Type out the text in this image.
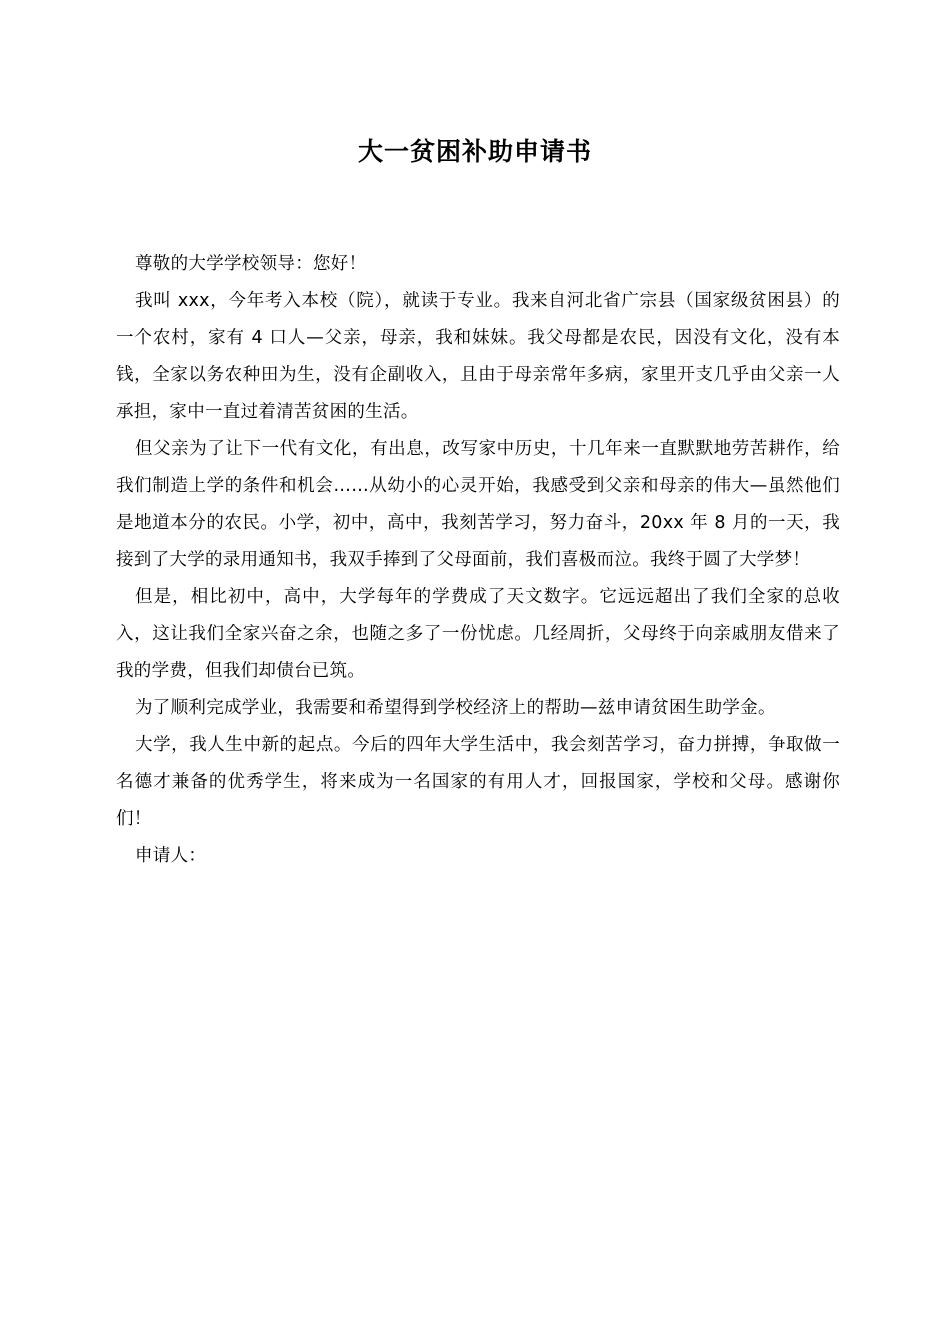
大一贫困补助申请书

尊敬的大学学校领导：您好！

我叫 xxx，今年考入本校（院），就读于专业。我来自河北省广宗县（国家级贫困县）的一个农村，家有 4 口人—父亲，母亲，我和妹妹。我父母都是农民，因没有文化，没有本钱，全家以务农种田为生，没有企副收入，且由于母亲常年多病，家里开支几乎由父亲一人承担，家中一直过着清苦贫困的生活。

但父亲为了让下一代有文化，有出息，改写家中历史，十几年来一直默默地劳苦耕作，给我们制造上学的条件和机会……从幼小的心灵开始，我感受到父亲和母亲的伟大—虽然他们是地道本分的农民。小学，初中，高中，我刻苦学习，努力奋斗，20xx 年 8 月的一天，我接到了大学的录用通知书，我双手捧到了父母面前，我们喜极而泣。我终于圆了大学梦！

但是，相比初中，高中，大学每年的学费成了天文数字。它远远超出了我们全家的总收入，这让我们全家兴奋之余，也随之多了一份忧虑。几经周折，父母终于向亲戚朋友借来了我的学费，但我们却债台已筑。

为了顺利完成学业，我需要和希望得到学校经济上的帮助—兹申请贫困生助学金。

大学，我人生中新的起点。今后的四年大学生活中，我会刻苦学习，奋力拼搏，争取做一名德才兼备的优秀学生，将来成为一名国家的有用人才，回报国家，学校和父母。感谢你们！

申请人：
